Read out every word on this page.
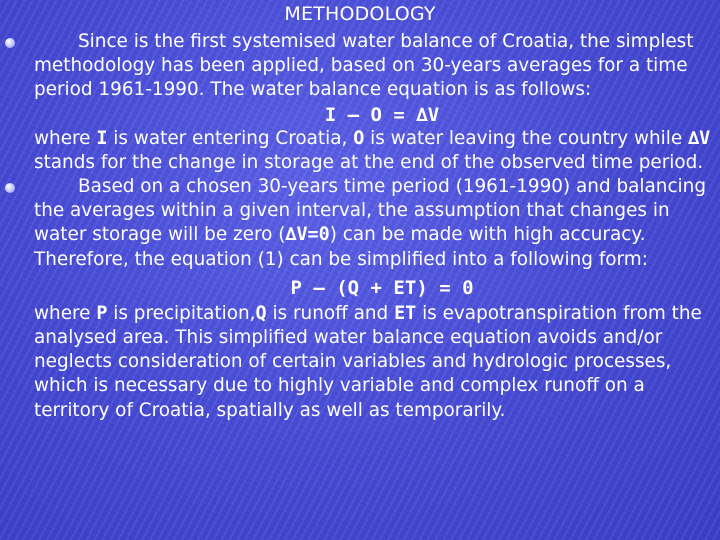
METHODOLOGY
Since is the first systemised water balance of Croatia, the simplest methodology has been applied, based on 30-years averages for a time period 1961-1990. The water balance equation is as follows:
I – O = ∆V
where I is water entering Croatia, O is water leaving the country while ∆V stands for the change in storage at the end of the observed time period.
Based on a chosen 30-years time period (1961-1990) and balancing the averages within a given interval, the assumption that changes in water storage will be zero (∆V=0) can be made with high accuracy. Therefore, the equation (1) can be simplified into a following form:
P – (Q + ET) = 0
where P is precipitation,Q is runoff and ET is evapotranspiration from the analysed area. This simplified water balance equation avoids and/or neglects consideration of certain variables and hydrologic processes, which is necessary due to highly variable and complex runoff on a territory of Croatia, spatially as well as temporarily.
